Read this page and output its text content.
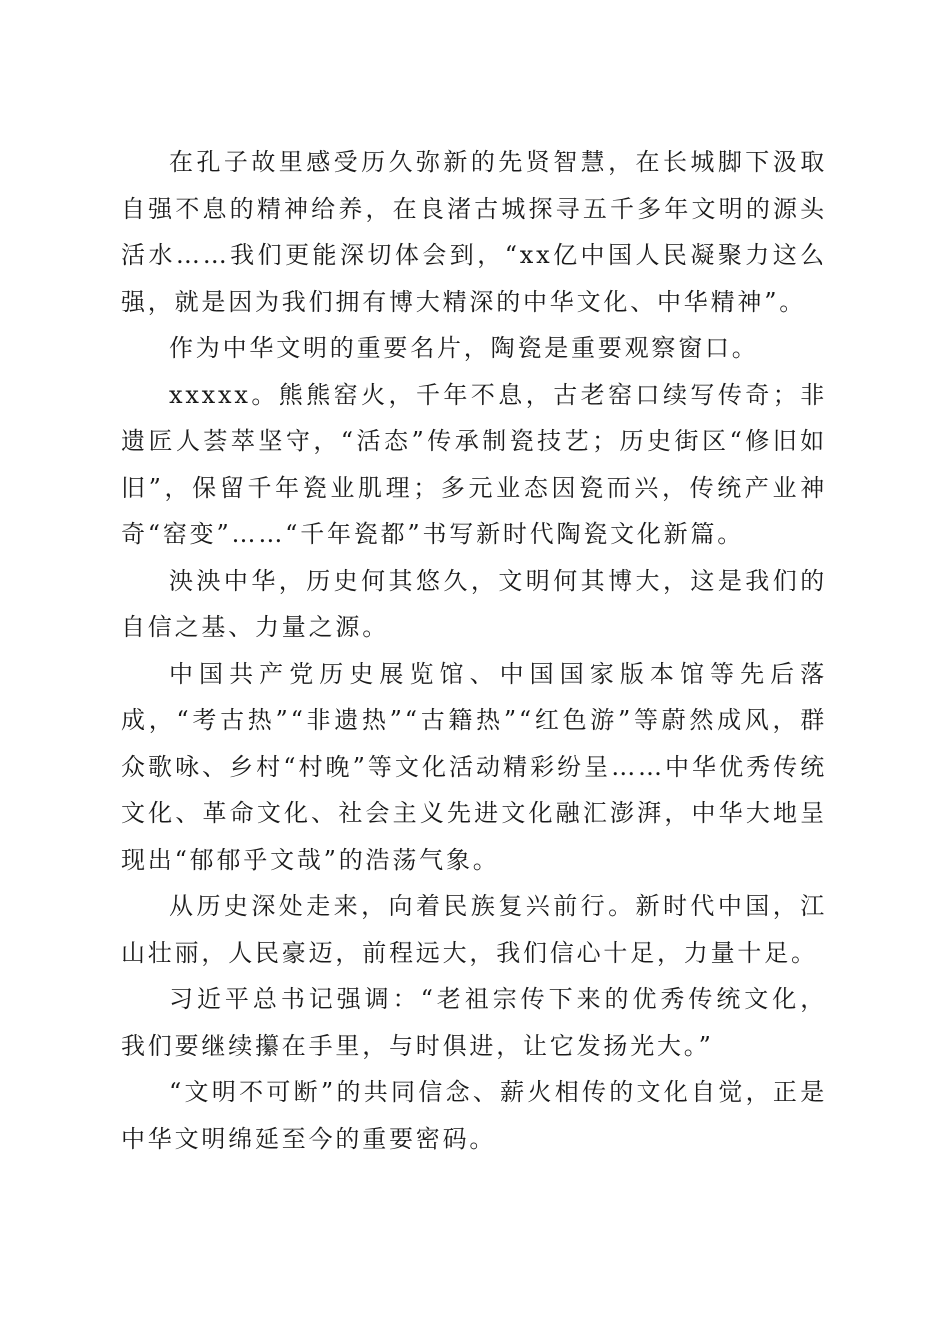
在孔子故里感受历久弥新的先贤智慧，在长城脚下汲取自强不息的精神给养，在良渚古城探寻五千多年文明的源头活水……我们更能深切体会到，“xx亿中国人民凝聚力这么强，就是因为我们拥有博大精深的中华文化、中华精神”。

作为中华文明的重要名片，陶瓷是重要观察窗口。

xxxxx。熊熊窑火，千年不息，古老窑口续写传奇；非遗匠人荟萃坚守，“活态”传承制瓷技艺；历史街区“修旧如旧”，保留千年瓷业肌理；多元业态因瓷而兴，传统产业神奇“窑变”……“千年瓷都”书写新时代陶瓷文化新篇。

泱泱中华，历史何其悠久，文明何其博大，这是我们的自信之基、力量之源。

中国共产党历史展览馆、中国国家版本馆等先后落成，“考古热”“非遗热”“古籍热”“红色游”等蔚然成风，群众歌咏、乡村“村晚”等文化活动精彩纷呈……中华优秀传统文化、革命文化、社会主义先进文化融汇澎湃，中华大地呈现出“郁郁乎文哉”的浩荡气象。

从历史深处走来，向着民族复兴前行。新时代中国，江山壮丽，人民豪迈，前程远大，我们信心十足，力量十足。

习近平总书记强调：“老祖宗传下来的优秀传统文化，我们要继续攥在手里，与时俱进，让它发扬光大。”

“文明不可断”的共同信念、薪火相传的文化自觉，正是中华文明绵延至今的重要密码。
